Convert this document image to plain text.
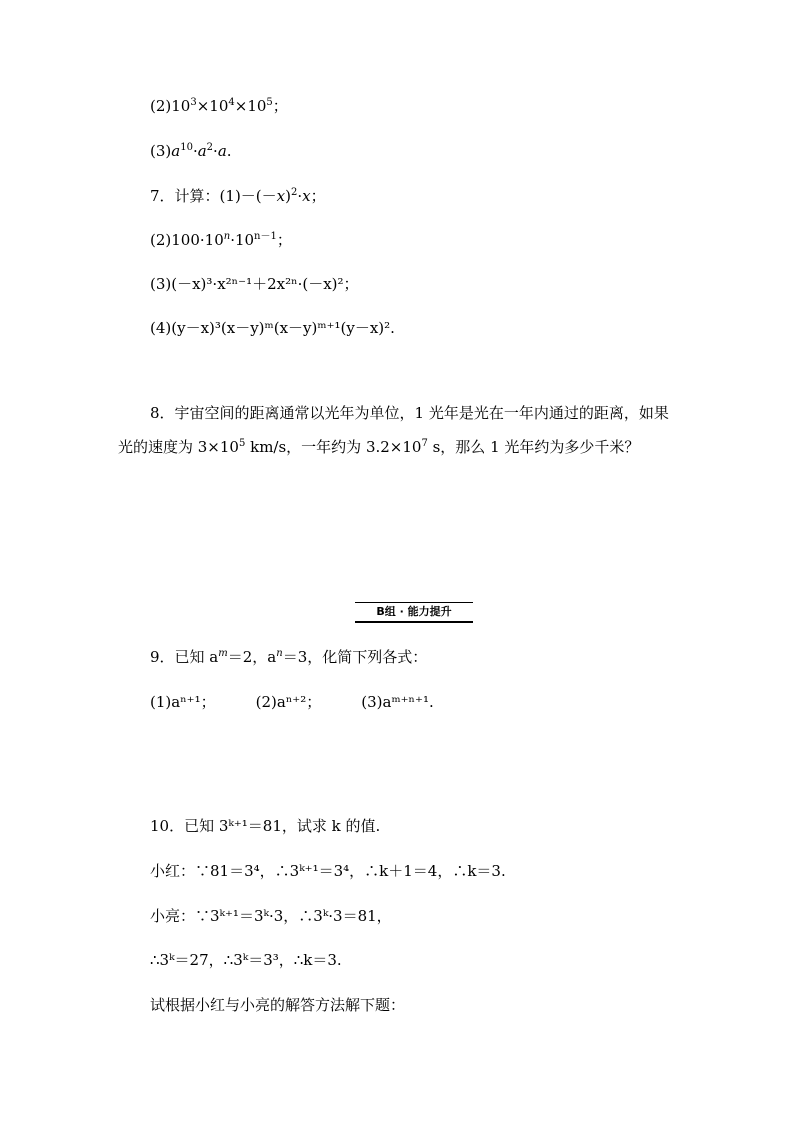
$(2)10^3\times 10^4\times 10^5$；
$(3)a^{10}\cdot a^2\cdot a$.
7．计算：$(1)-(-x)^2\cdot x$；
$(2)100\cdot 10^n\cdot 10^{n-1}$；
(3)(－x)³·x²ⁿ⁻¹＋2x²ⁿ·(－x)²；
(4)(y－x)³(x－y)ᵐ(x－y)ᵐ⁺¹(y－x)².
8．宇宙空间的距离通常以光年为单位，1 光年是光在一年内通过的距离，如果光的速度为 $3\times 10^5$ km/s，一年约为 $3.2\times 10^7$ s，那么 1 光年约为多少千米？
B组 · 能力提升
9．已知 $a^m=2$，$a^n=3$，化简下列各式：
(1)aⁿ⁺¹；	(2)aⁿ⁺²；	(3)aᵐ⁺ⁿ⁺¹.
10．已知 3ᵏ⁺¹＝81，试求 k 的值.
小红：∵81＝3⁴，∴3ᵏ⁺¹＝3⁴，∴k＋1＝4，∴k＝3.
小亮：∵3ᵏ⁺¹＝3ᵏ·3，∴3ᵏ·3＝81，
∴3ᵏ＝27，∴3ᵏ＝3³，∴k＝3.
试根据小红与小亮的解答方法解下题：
